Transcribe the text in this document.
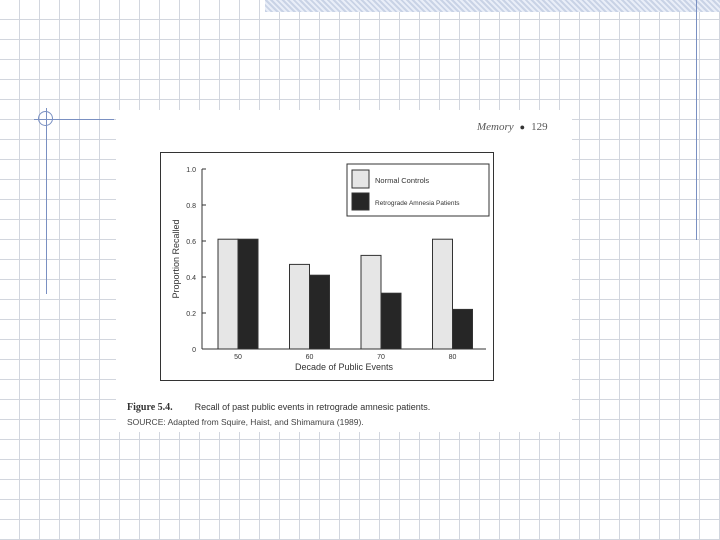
Memory ● 129
0
0.2
0.4
0.6
0.8
1.0
50	60	70	80
Proportion Recalled
Decade of Public Events
Normal Controls
Retrograde Amnesia Patients
Figure 5.4. Recall of past public events in retrograde amnesic patients.
SOURCE: Adapted from Squire, Haist, and Shimamura (1989).
